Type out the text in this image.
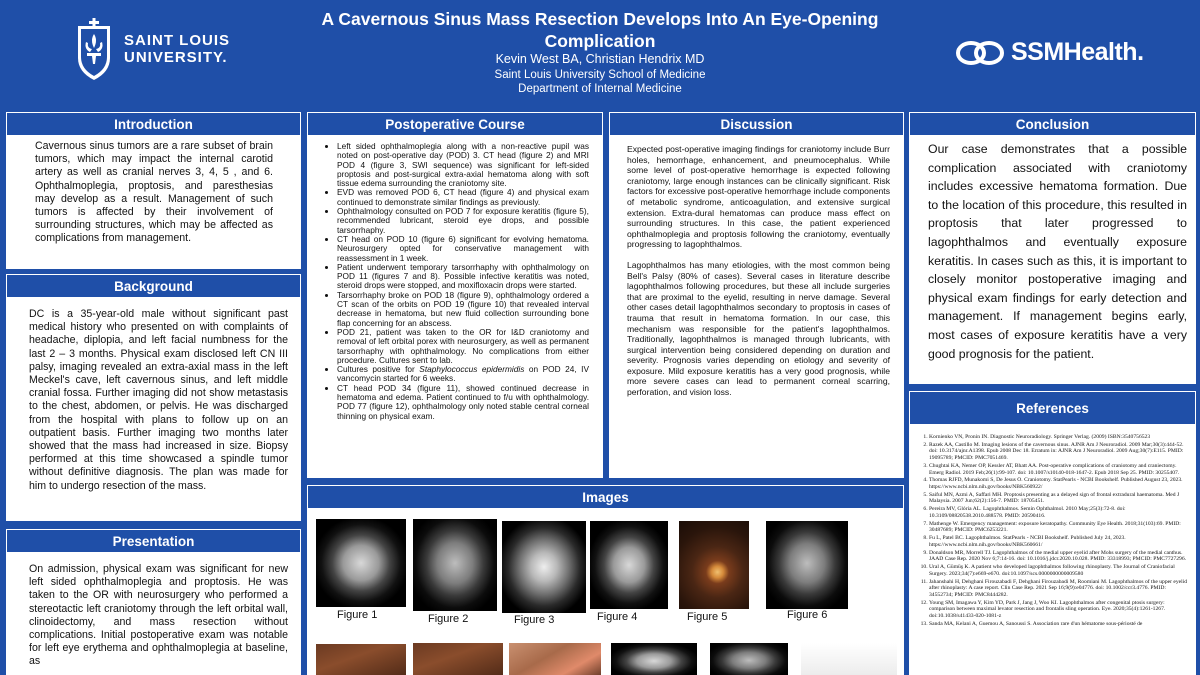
SAINT LOUIS
UNIVERSITY.
A Cavernous Sinus Mass Resection Develops Into An Eye-Opening Complication
Kevin West BA, Christian Hendrix MD
Saint Louis University School of Medicine
Department of Internal Medicine
SSMHealth.
Introduction

Cavernous sinus tumors are a rare subset of brain tumors, which may impact the internal carotid artery as well as cranial nerves 3, 4, 5 , and 6. Ophthalmoplegia, proptosis, and paresthesias may develop as a result. Management of such tumors is affected by their involvement of surrounding structures, which may be affected as complications from management.

Background

DC is a 35-year-old male without significant past medical history who presented on with complaints of headache, diplopia, and left facial numbness for the last 2 – 3 months. Physical exam disclosed left CN III palsy, imaging revealed an extra-axial mass in the left Meckel's cave, left cavernous sinus, and left middle cranial fossa. Further imaging did not show metastasis to the chest, abdomen, or pelvis. He was discharged from the hospital with plans to follow up on an outpatient basis. Further imaging two months later showed that the mass had increased in size. Biopsy performed at this time showcased a spindle tumor without definitive diagnosis. The plan was made for him to undergo resection of the mass.

Presentation

On admission, physical exam was significant for new left sided ophthalmoplegia and proptosis. He was taken to the OR with neurosurgery who performed a stereotactic left craniotomy through the left orbital wall, clinoidectomy, and mass resection without complications. Initial postoperative exam was notable for left eye erythema and ophthalmoplegia at baseline, as

Postoperative Course
• Left sided ophthalmoplegia along with a non-reactive pupil was noted on post-operative day (POD) 3. CT head (figure 2) and MRI POD 4 (figure 3, SWI sequence) was significant for left-sided proptosis and post-surgical extra-axial hematoma along with soft tissue edema surrounding the craniotomy site.
• EVD was removed POD 6, CT head (figure 4) and physical exam continued to demonstrate similar findings as previously.
• Ophthalmology consulted on POD 7 for exposure keratitis (figure 5), recommended lubricant, steroid eye drops, and possible tarsorrhaphy.
• CT head on POD 10 (figure 6) significant for evolving hematoma. Neurosurgery opted for conservative management with reassessment in 1 week.
• Patient underwent temporary tarsorrhaphy with ophthalmology on POD 11 (figures 7 and 8). Possible infective keratitis was noted, steroid drops were stopped, and moxifloxacin drops were started.
• Tarsorrhaphy broke on POD 18 (figure 9), ophthalmology ordered a CT scan of the orbits on POD 19 (figure 10) that revealed interval decrease in hematoma, but new fluid collection surrounding bone flap concerning for an abscess.
• POD 21, patient was taken to the OR for I&D craniotomy and removal of left orbital porex with neurosurgery, as well as permanent tarsorrhaphy with ophthalmology. No complications from either procedure. Cultures sent to lab.
• Cultures positive for Staphylococcus epidermidis on POD 24, IV vancomycin started for 6 weeks.
• CT head POD 34 (figure 11), showed continued decrease in hematoma and edema. Patient continued to f/u with ophthalmology. POD 77 (figure 12), ophthalmology only noted stable central corneal thinning on physical exam.
Discussion

Expected post-operative imaging findings for craniotomy include Burr holes, hemorrhage, enhancement, and pneumocephalus. While some level of post-operative hemorrhage is expected following craniotomy, large enough instances can be clinically significant. Risk factors for excessive post-operative hemorrhage include components of metabolic syndrome, anticoagulation, and extensive surgical extension. Extra-dural hematomas can produce mass effect on surrounding structures. In this case, the patient experienced ophthalmoplegia and proptosis following the craniotomy, eventually progressing to lagophthalmos.

Lagophthalmos has many etiologies, with the most common being Bell's Palsy (80% of cases). Several cases in literature describe lagophthalmos following procedures, but these all include surgeries that are proximal to the eyelid, resulting in nerve damage. Several other cases detail lagophthalmos secondary to proptosis in cases of trauma that result in hematoma formation. In our case, this mechanism was responsible for the patient's lagophthalmos. Traditionally, lagophthalmos is managed through lubricants, with surgical intervention being considered depending on duration and severity. Prognosis varies depending on etiology and severity of exposure. Mild exposure keratitis has a very good prognosis, while more severe cases can lead to permanent corneal scarring, perforation, and vision loss.

Images
Figure 1	Figure 2	Figure 3	Figure 4	Figure 5	Figure 6
Conclusion

Our case demonstrates that a possible complication associated with craniotomy includes excessive hematoma formation. Due to the location of this procedure, this resulted in proptosis that later progressed to lagophthalmos and eventually exposure keratitis. In cases such as this, it is important to closely monitor postoperative imaging and physical exam findings for early detection and management. If management begins early, most cases of exposure keratitis have a very good prognosis for the patient.

References
1. Kornienko VN, Pronin IN. Diagnostic Neuroradiology. Springer Verlag. (2009) ISBN:3540756523
2. Razek AA, Castillo M. Imaging lesions of the cavernous sinus. AJNR Am J Neuroradiol. 2009 Mar;30(3):444-52. doi: 10.3174/ajnr.A1398. Epub 2008 Dec 18. Erratum in: AJNR Am J Neuroradiol. 2009 Aug;30(7):E115. PMID: 19095789; PMCID: PMC7051469.
3. Chughtai KA, Nemer OP, Kessler AT, Bhatt AA. Post-operative complications of craniotomy and craniectomy. Emerg Radiol. 2019 Feb;26(1):99-107. doi: 10.1007/s10140-018-1647-2. Epub 2018 Sep 25. PMID: 30255407.
4. Thomas RJFD, Munakomi S, De Jesus O. Craniotomy. StatPearls - NCBI Bookshelf. Published August 23, 2023. https://www.ncbi.nlm.nih.gov/books/NBK560922/
5. Saiful MN, Azmi A, Saffari MH. Proptosis presenting as a delayed sign of frontal extradural haematoma. Med J Malaysia. 2007 Jun;62(2):156-7. PMID: 18705451.
6. Pereira MV, Glória AL. Lagophthalmos. Semin Ophthalmol. 2010 May;25(3):72-8. doi: 10.3109/08820538.2010.488578. PMID: 20590416.
7. Mathenge W. Emergency management: exposure keratopathy. Community Eye Health. 2018;31(103):69. PMID: 30487689; PMCID: PMC6253221.
8. Fu L, Patel BC. Lagophthalmos. StatPearls - NCBI Bookshelf. Published July 24, 2023. https://www.ncbi.nlm.nih.gov/books/NBK560661/
9. Donaldson MR, Morrell TJ. Lagophthalmos of the medial upper eyelid after Mohs surgery of the medial canthus. JAAD Case Rep. 2020 Nov 6;7:14-16. doi: 10.1016/j.jdcr.2020.10.028. PMID: 33318993; PMCID: PMC7727296.
10. Ural A, Gümüş K. A patient who developed lagophthalmos following rhinoplasty. The Journal of Craniofacial Surgery. 2023;34(7):e669-e670. doi:10.1097/scs.0000000000009580
11. Jahanshahi H, Dehghani Firouzabadi F, Dehghani Firouzabadi M, Roomiani M. Lagophthalmos of the upper eyelid after rhinoplasty: A case report. Clin Case Rep. 2021 Sep 16;9(9):e04776. doi: 10.1002/ccr3.4776. PMID: 34552734; PMCID: PMC8444282.
12. Young SM, Imagawa Y, Kim YD, Park J, Jang J, Woo KI. Lagophthalmos after congenital ptosis surgery: comparison between maximal levator resection and frontalis sling operation. Eye. 2020;35(4):1261-1267. doi:10.1038/s41433-020-1081-z
13. Sanda MA, Kelani A, Guemou A, Sanoussi S. Association rare d'un hématome sous-périosté de
